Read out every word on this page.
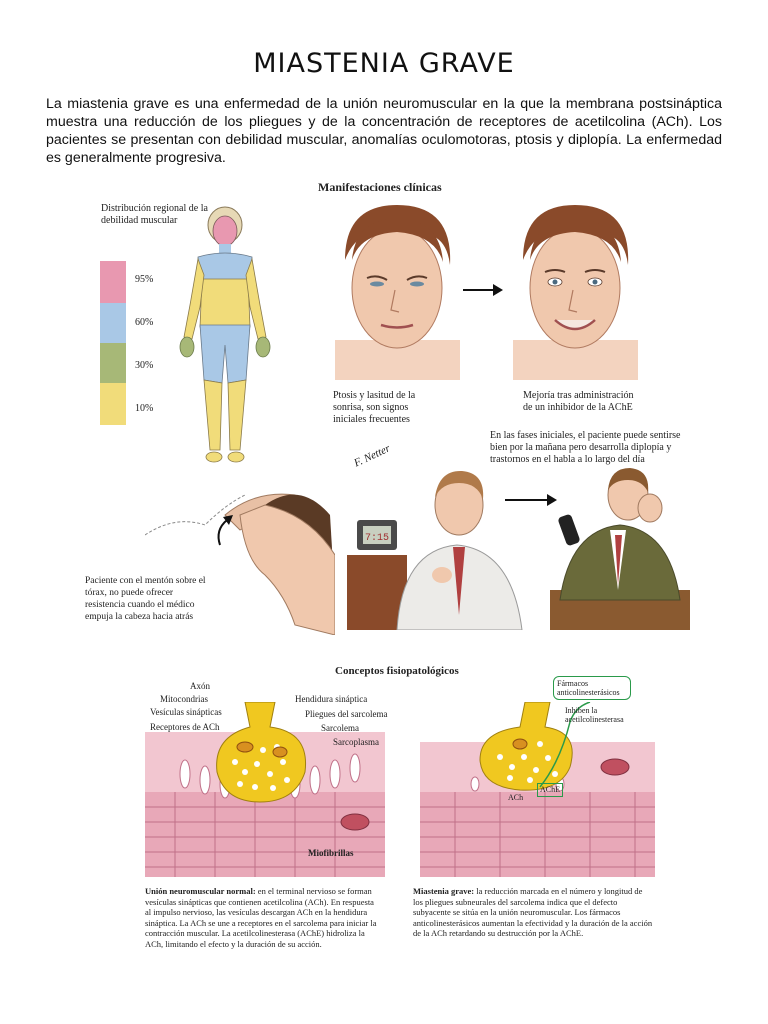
MIASTENIA GRAVE
La miastenia grave es una enfermedad de la unión neuromuscular en la que la membrana postsináptica muestra una reducción de los pliegues y de la concentración de receptores de acetilcolina (ACh). Los pacientes se presentan con debilidad muscular, anomalías oculomotoras, ptosis y diplopía. La enfermedad es generalmente progresiva.
Manifestaciones clínicas
Distribución regional de la debilidad muscular
95%
60%
30%
10%
Ptosis y lasitud de la sonrisa, son signos iniciales frecuentes
Mejoría tras administración de un inhibidor de la AChE
En las fases iniciales, el paciente puede sentirse bien por la mañana pero desarrolla diplopía y trastornos en el habla a lo largo del día
F. Netter
Paciente con el mentón sobre el tórax, no puede ofrecer resistencia cuando el médico empuja la cabeza hacia atrás
7:15
Conceptos fisiopatológicos
Axón
Mitocondrias
Vesículas sinápticas
Receptores de ACh
Hendidura sináptica
Pliegues del sarcolema
Sarcolema
Sarcoplasma
Miofibrillas
Fármacos anticolinesterásicos
Inhiben la acetilcolinesterasa
ACh
AChE
Unión neuromuscular normal: en el terminal nervioso se forman vesículas sinápticas que contienen acetilcolina (ACh). En respuesta al impulso nervioso, las vesículas descargan ACh en la hendidura sináptica. La ACh se une a receptores en el sarcolema para iniciar la contracción muscular. La acetilcolinesterasa (AChE) hidroliza la ACh, limitando el efecto y la duración de su acción.
Miastenia grave: la reducción marcada en el número y longitud de los pliegues subneurales del sarcolema indica que el defecto subyacente se sitúa en la unión neuromuscular. Los fármacos anticolinesterásicos aumentan la efectividad y la duración de la acción de la ACh retardando su destrucción por la AChE.
